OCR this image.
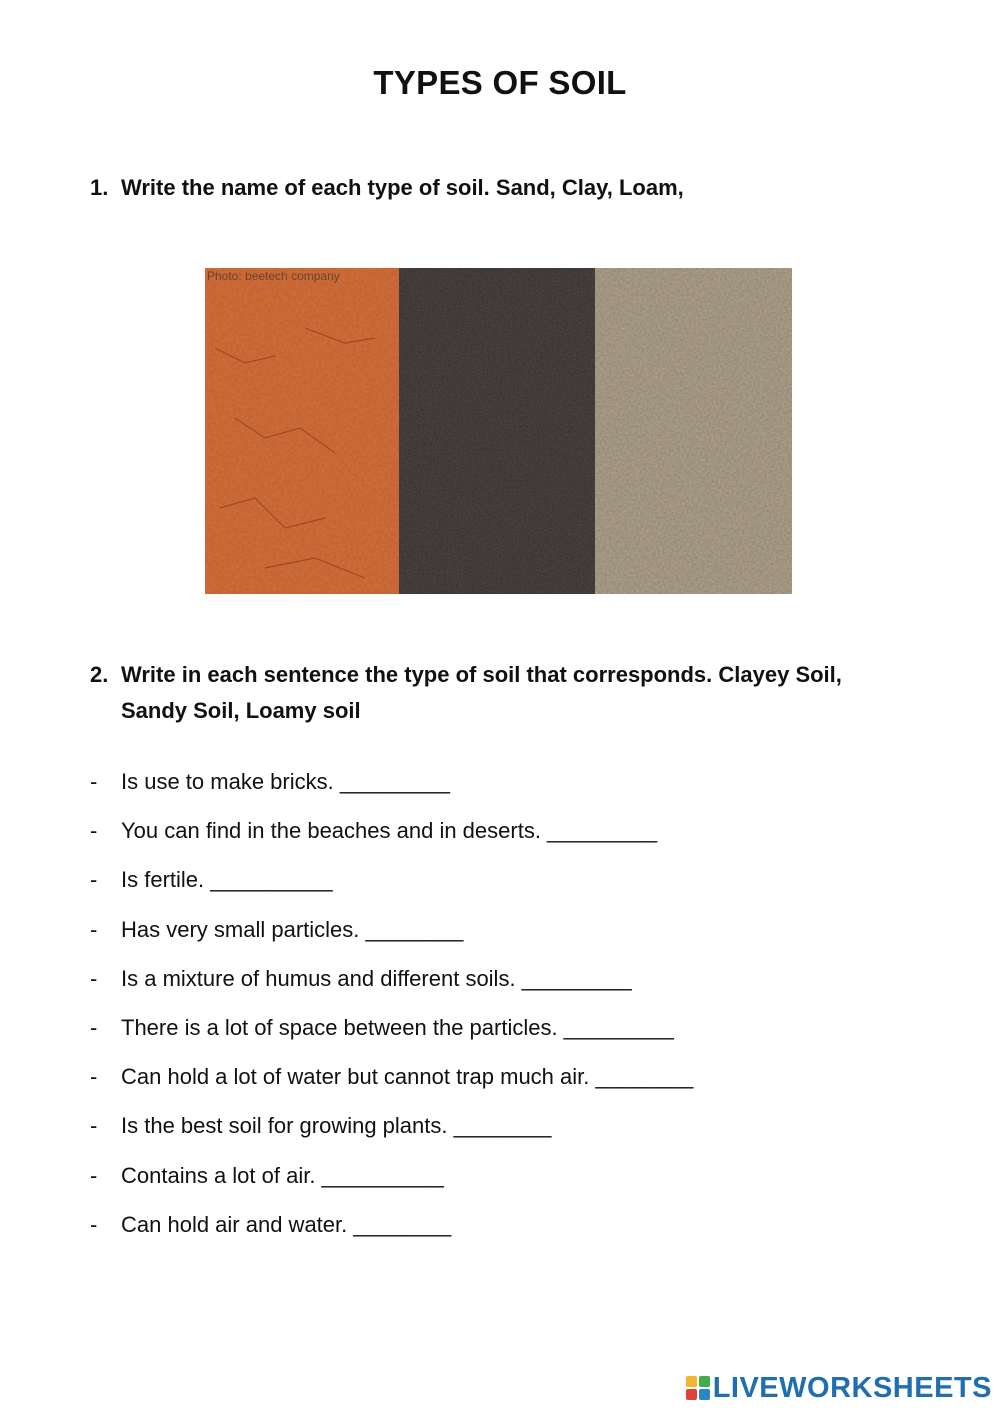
TYPES OF SOIL
1. Write the name of each type of soil. Sand, Clay, Loam,
Photo: beetech company
2. Write in each sentence the type of soil that corresponds. Clayey Soil, Sandy Soil, Loamy soil
- Is use to make bricks. _________
- You can find in the beaches and in deserts. _________
- Is fertile. __________
- Has very small particles. ________
- Is a mixture of humus and different soils. _________
- There is a lot of space between the particles. _________
- Can hold a lot of water but cannot trap much air. ________
- Is the best soil for growing plants. ________
- Contains a lot of air. __________
- Can hold air and water. ________
LIVEWORKSHEETS
